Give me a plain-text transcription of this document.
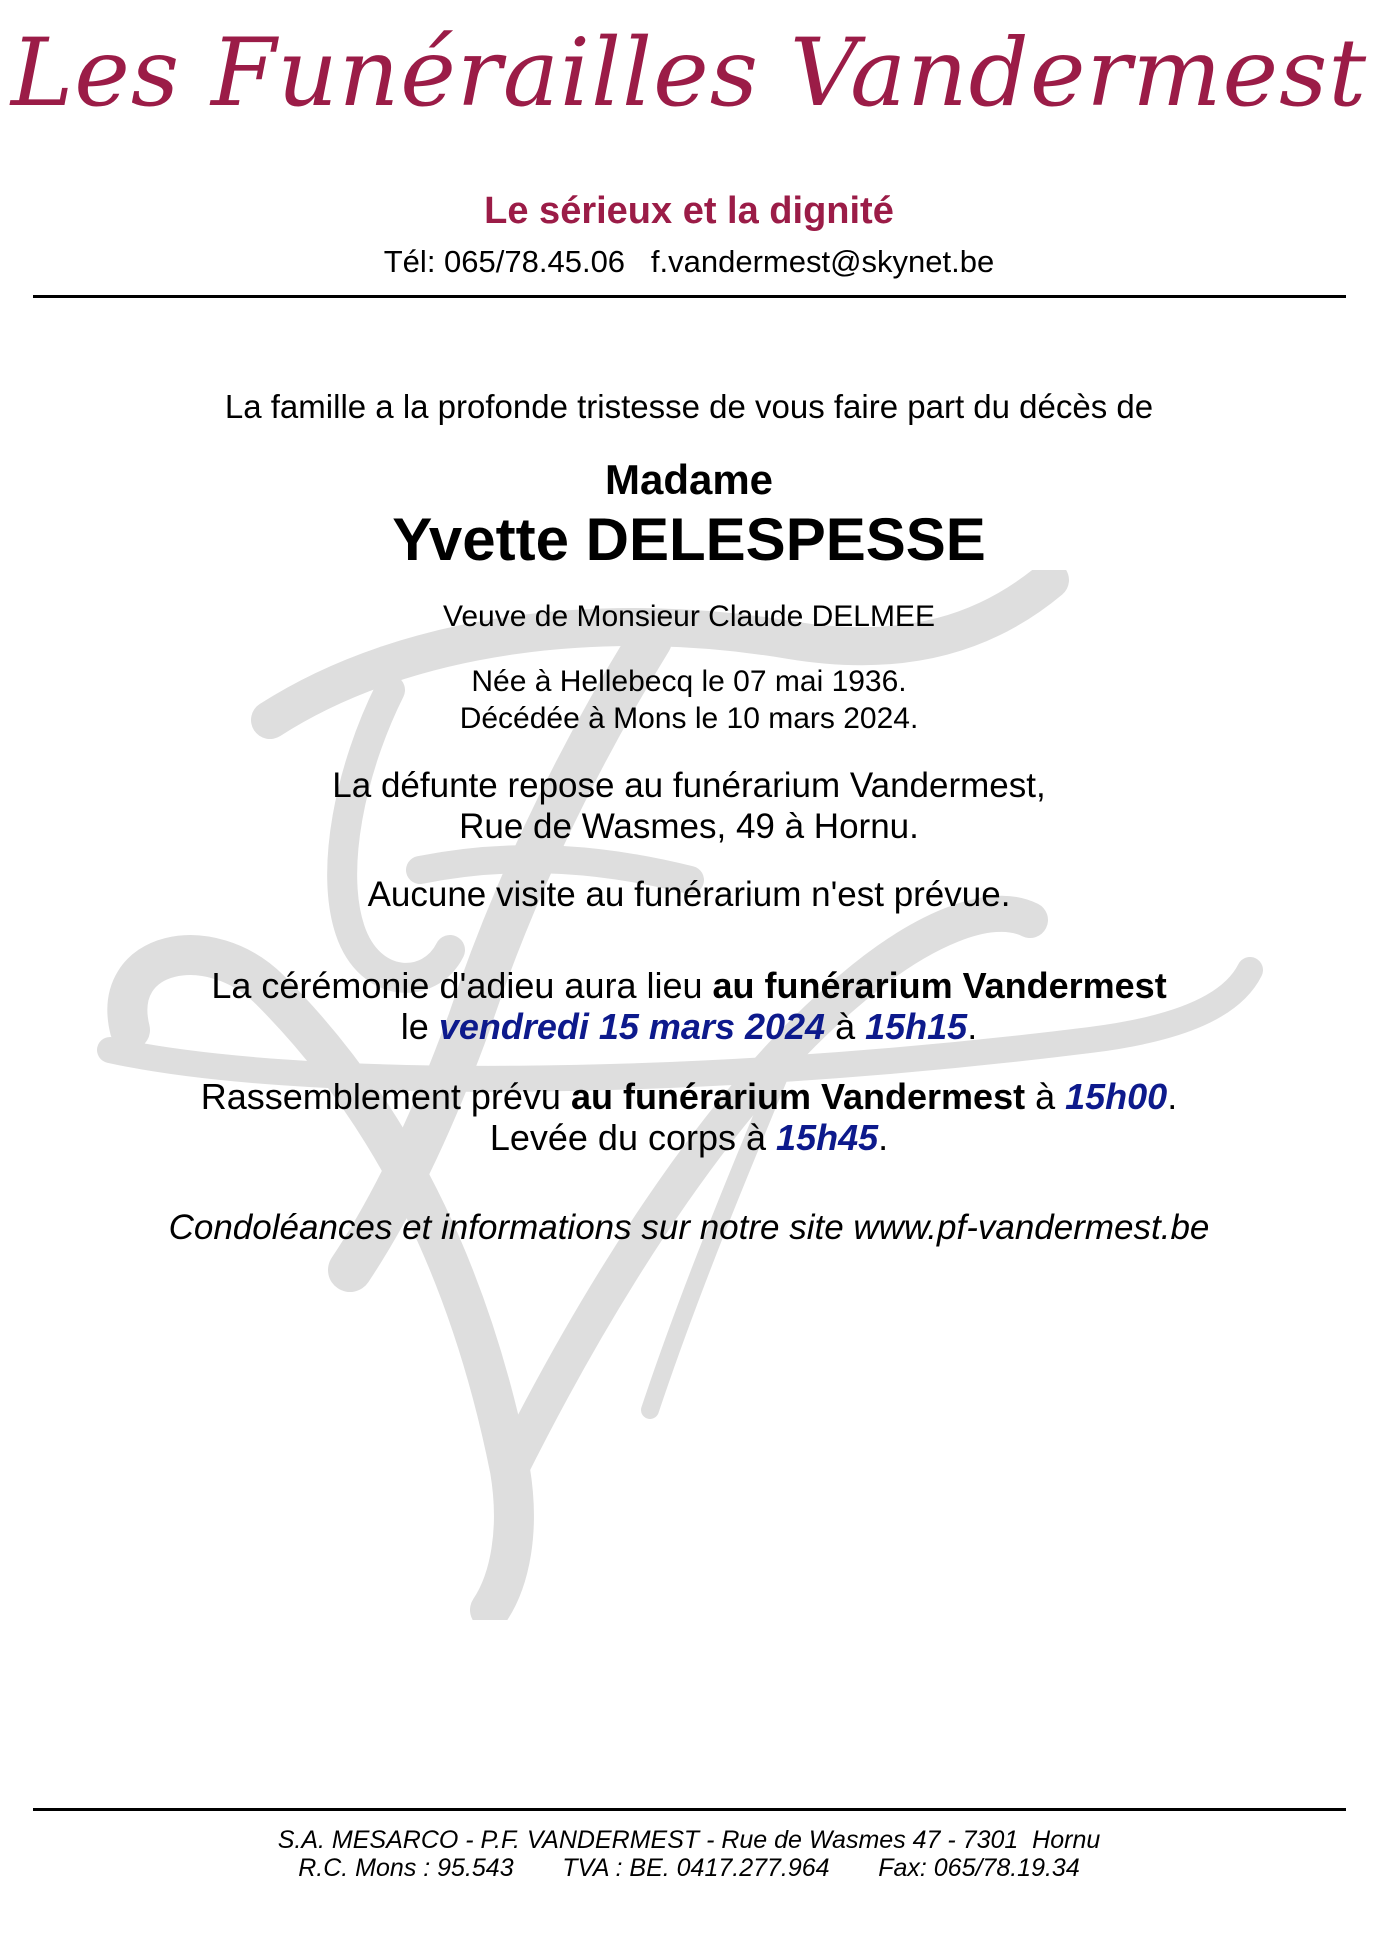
Les Funérailles Vandermest
Le sérieux et la dignité
Tél: 065/78.45.06 f.vandermest@skynet.be
La famille a la profonde tristesse de vous faire part du décès de
Madame
Yvette DELESPESSE
Veuve de Monsieur Claude DELMEE
Née à Hellebecq le 07 mai 1936.
Décédée à Mons le 10 mars 2024.
La défunte repose au funérarium Vandermest,
Rue de Wasmes, 49 à Hornu.
Aucune visite au funérarium n'est prévue.
La cérémonie d'adieu aura lieu au funérarium Vandermest
le vendredi 15 mars 2024 à 15h15.
Rassemblement prévu au funérarium Vandermest à 15h00.
Levée du corps à 15h45.
Condoléances et informations sur notre site www.pf-vandermest.be
S.A. MESARCO - P.F. VANDERMEST - Rue de Wasmes 47 - 7301  Hornu
R.C. Mons : 95.543 TVA : BE. 0417.277.964 Fax: 065/78.19.34
